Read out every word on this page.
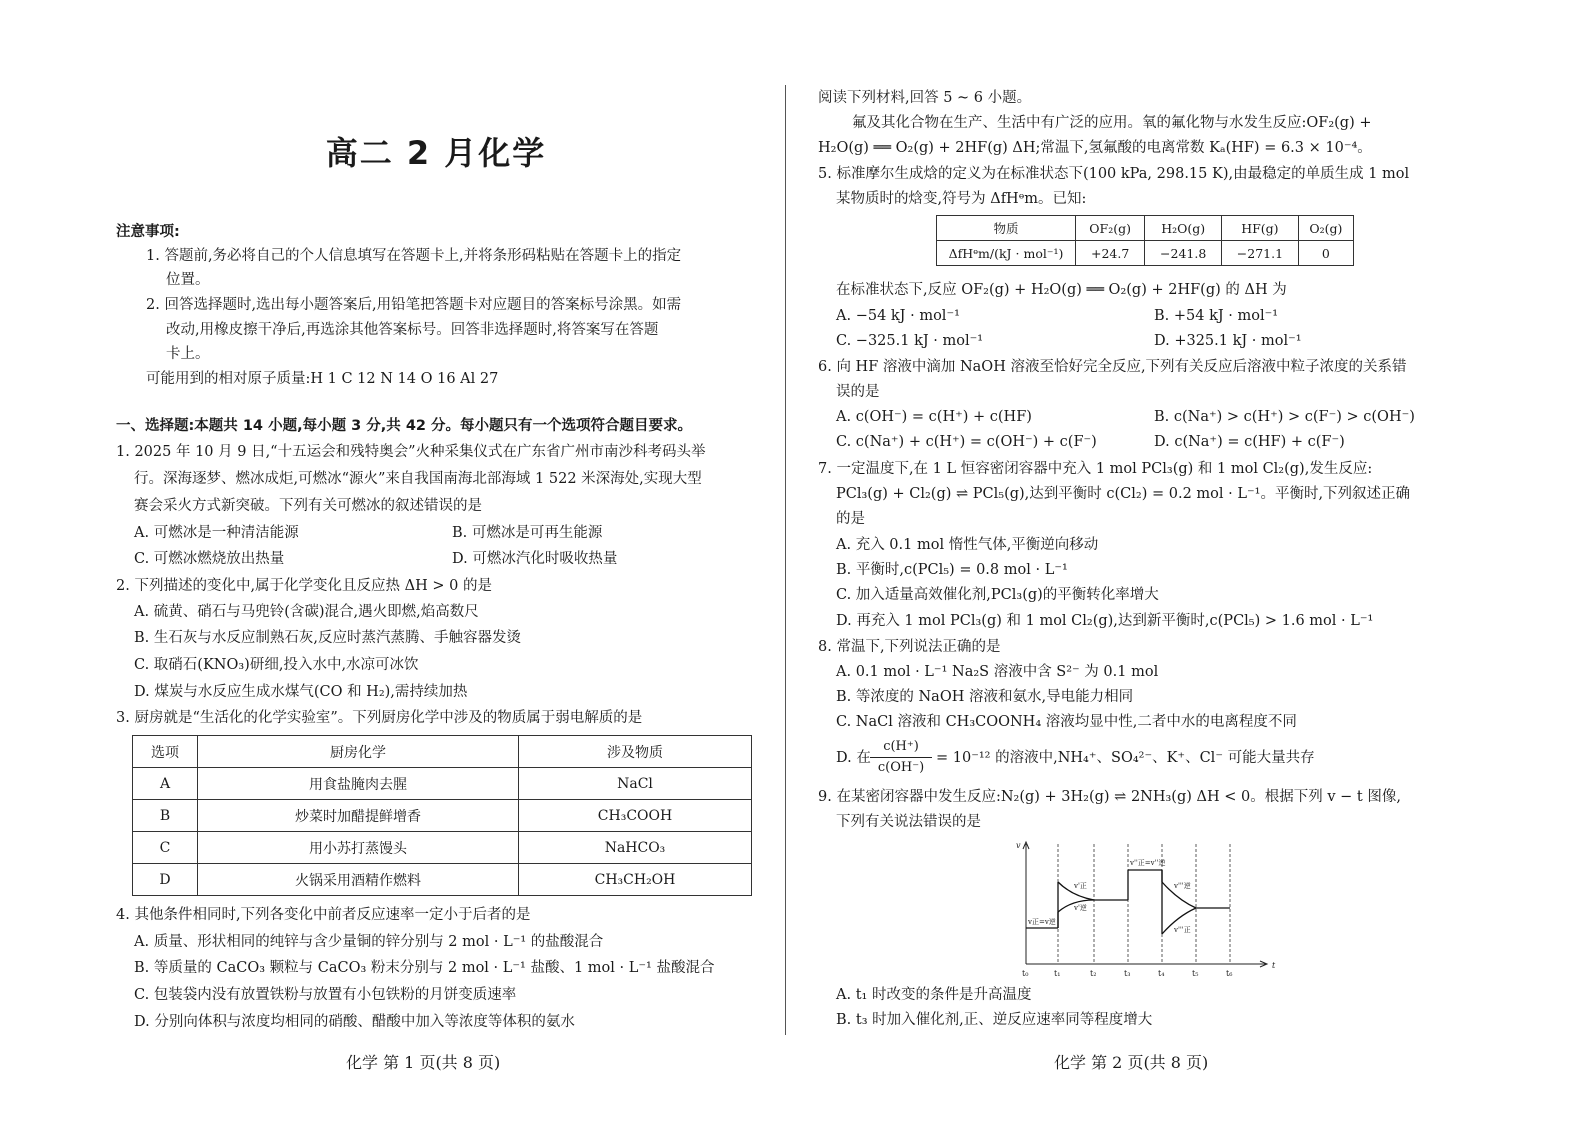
高二 2 月化学
注意事项:
1. 答题前,务必将自己的个人信息填写在答题卡上,并将条形码粘贴在答题卡上的指定
位置。
2. 回答选择题时,选出每小题答案后,用铅笔把答题卡对应题目的答案标号涂黑。如需
改动,用橡皮擦干净后,再选涂其他答案标号。回答非选择题时,将答案写在答题
卡上。
可能用到的相对原子质量:H 1 C 12 N 14 O 16 Al 27
一、选择题:本题共 14 小题,每小题 3 分,共 42 分。每小题只有一个选项符合题目要求。
1. 2025 年 10 月 9 日,“十五运会和残特奥会”火种采集仪式在广东省广州市南沙科考码头举
行。深海逐梦、燃冰成炬,可燃冰“源火”来自我国南海北部海域 1 522 米深海处,实现大型
赛会采火方式新突破。下列有关可燃冰的叙述错误的是
A. 可燃冰是一种清洁能源	B. 可燃冰是可再生能源
C. 可燃冰燃烧放出热量	D. 可燃冰汽化时吸收热量
2. 下列描述的变化中,属于化学变化且反应热 ΔH > 0 的是
A. 硫黄、硝石与马兜铃(含碳)混合,遇火即燃,焰高数尺
B. 生石灰与水反应制熟石灰,反应时蒸汽蒸腾、手触容器发烫
C. 取硝石(KNO₃)研细,投入水中,水凉可冰饮
D. 煤炭与水反应生成水煤气(CO 和 H₂),需持续加热
3. 厨房就是“生活化的化学实验室”。下列厨房化学中涉及的物质属于弱电解质的是
选项	厨房化学	涉及物质
A	用食盐腌肉去腥	NaCl
B	炒菜时加醋提鲜增香	CH₃COOH
C	用小苏打蒸馒头	NaHCO₃
D	火锅采用酒精作燃料	CH₃CH₂OH
4. 其他条件相同时,下列各变化中前者反应速率一定小于后者的是
A. 质量、形状相同的纯锌与含少量铜的锌分别与 2 mol · L⁻¹ 的盐酸混合
B. 等质量的 CaCO₃ 颗粒与 CaCO₃ 粉末分别与 2 mol · L⁻¹ 盐酸、1 mol · L⁻¹ 盐酸混合
C. 包装袋内没有放置铁粉与放置有小包铁粉的月饼变质速率
D. 分别向体积与浓度均相同的硝酸、醋酸中加入等浓度等体积的氨水
化学 第 1 页(共 8 页)
阅读下列材料,回答 5 ~ 6 小题。
氟及其化合物在生产、生活中有广泛的应用。氧的氟化物与水发生反应:OF₂(g) +
H₂O(g) ══ O₂(g) + 2HF(g) ΔH;常温下,氢氟酸的电离常数 Kₐ(HF) = 6.3 × 10⁻⁴。
5. 标准摩尔生成焓的定义为在标准状态下(100 kPa, 298.15 K),由最稳定的单质生成 1 mol
某物质时的焓变,符号为 ΔfHᶱm。已知:
物质	OF₂(g)	H₂O(g)	HF(g)	O₂(g)
ΔfHᶱm/(kJ · mol⁻¹)	+24.7	−241.8	−271.1	0
在标准状态下,反应 OF₂(g) + H₂O(g) ══ O₂(g) + 2HF(g) 的 ΔH 为
A. −54 kJ · mol⁻¹	B. +54 kJ · mol⁻¹
C. −325.1 kJ · mol⁻¹	D. +325.1 kJ · mol⁻¹
6. 向 HF 溶液中滴加 NaOH 溶液至恰好完全反应,下列有关反应后溶液中粒子浓度的关系错
误的是
A. c(OH⁻) = c(H⁺) + c(HF)	B. c(Na⁺) > c(H⁺) > c(F⁻) > c(OH⁻)
C. c(Na⁺) + c(H⁺) = c(OH⁻) + c(F⁻)	D. c(Na⁺) = c(HF) + c(F⁻)
7. 一定温度下,在 1 L 恒容密闭容器中充入 1 mol PCl₃(g) 和 1 mol Cl₂(g),发生反应:
PCl₃(g) + Cl₂(g) ⇌ PCl₅(g),达到平衡时 c(Cl₂) = 0.2 mol · L⁻¹。平衡时,下列叙述正确
的是
A. 充入 0.1 mol 惰性气体,平衡逆向移动
B. 平衡时,c(PCl₅) = 0.8 mol · L⁻¹
C. 加入适量高效催化剂,PCl₃(g)的平衡转化率增大
D. 再充入 1 mol PCl₃(g) 和 1 mol Cl₂(g),达到新平衡时,c(PCl₅) > 1.6 mol · L⁻¹
8. 常温下,下列说法正确的是
A. 0.1 mol · L⁻¹ Na₂S 溶液中含 S²⁻ 为 0.1 mol
B. 等浓度的 NaOH 溶液和氨水,导电能力相同
C. NaCl 溶液和 CH₃COONH₄ 溶液均显中性,二者中水的电离程度不同
D. 在
c(H⁺)
c(OH⁻)
= 10⁻¹² 的溶液中,NH₄⁺、SO₄²⁻、K⁺、Cl⁻ 可能大量共存
9. 在某密闭容器中发生反应:N₂(g) + 3H₂(g) ⇌ 2NH₃(g) ΔH < 0。根据下列 v − t 图像,
下列有关说法错误的是
v
t
t₀	t₁	t₂	t₃	t₄	t₅	t₆
v正=v逆
v'正
v'逆
v''正=v''逆
v'''逆
v'''正
A. t₁ 时改变的条件是升高温度
B. t₃ 时加入催化剂,正、逆反应速率同等程度增大
化学 第 2 页(共 8 页)
